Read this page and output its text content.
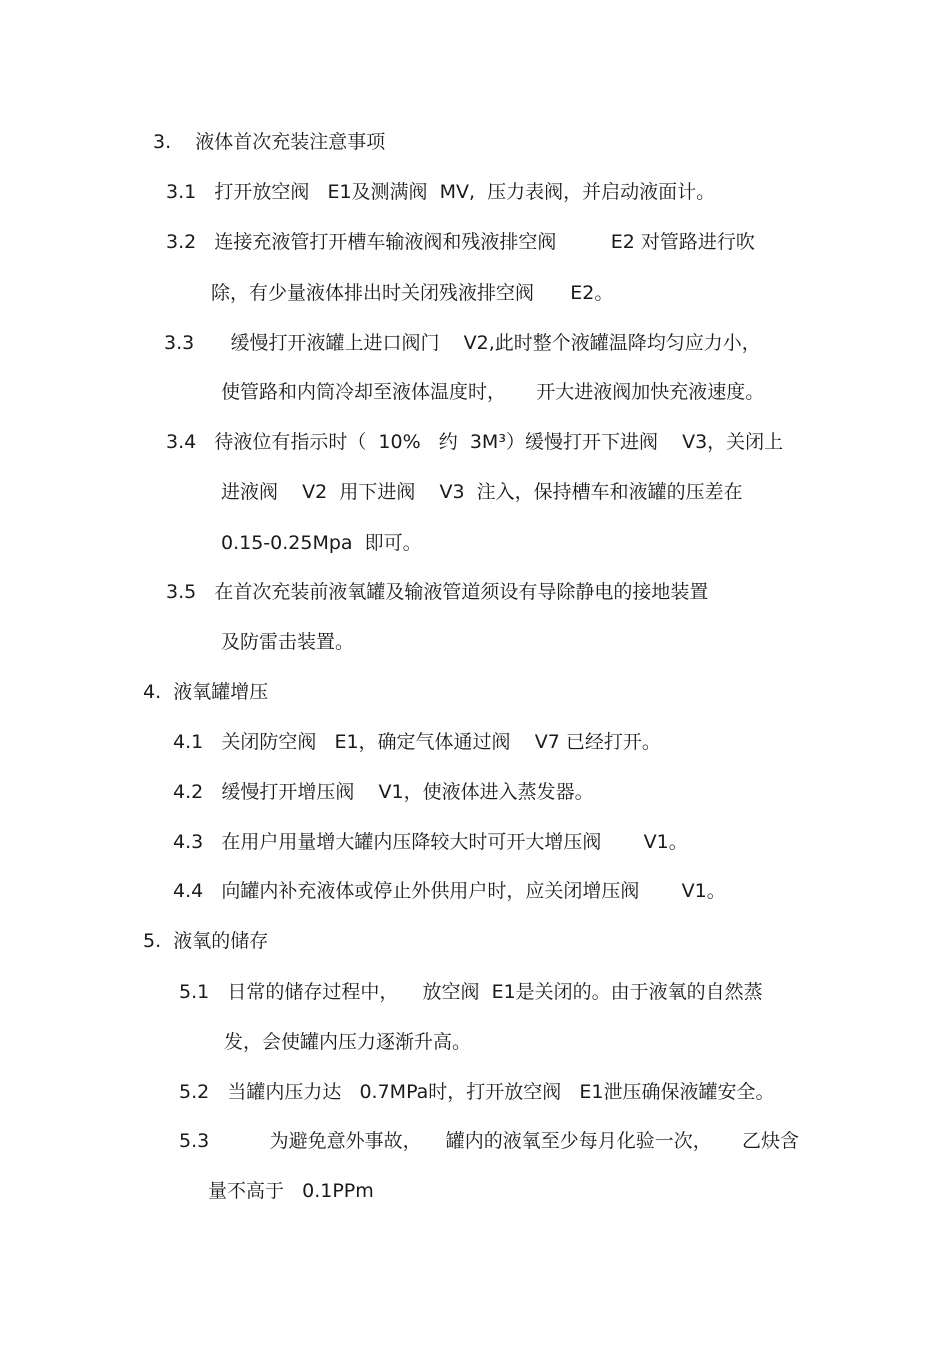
3.    液体首次充装注意事项
3.1   打开放空阀   E1及测满阀  MV,  压力表阀，并启动液面计。
3.2   连接充液管打开槽车输液阀和残液排空阀         E2 对管路进行吹
除，有少量液体排出时关闭残液排空阀      E2。
3.3      缓慢打开液罐上进口阀门    V2,此时整个液罐温降均匀应力小，
使管路和内筒冷却至液体温度时，     开大进液阀加快充液速度。
3.4   待液位有指示时（  10%   约  3M³）缓慢打开下进阀    V3，关闭上
进液阀    V2  用下进阀    V3  注入，保持槽车和液罐的压差在
0.15-0.25Mpa  即可。
3.5   在首次充装前液氧罐及输液管道须设有导除静电的接地装置
及防雷击装置。
4.  液氧罐增压
4.1   关闭防空阀   E1，确定气体通过阀    V7 已经打开。
4.2   缓慢打开增压阀    V1，使液体进入蒸发器。
4.3   在用户用量增大罐内压降较大时可开大增压阀       V1。
4.4   向罐内补充液体或停止外供用户时，应关闭增压阀       V1。
5.  液氧的储存
5.1   日常的储存过程中，    放空阀  E1是关闭的。由于液氧的自然蒸
发，会使罐内压力逐渐升高。
5.2   当罐内压力达   0.7MPa时，打开放空阀   E1泄压确保液罐安全。
5.3          为避免意外事故，    罐内的液氧至少每月化验一次，     乙炔含
量不高于   0.1PPm
